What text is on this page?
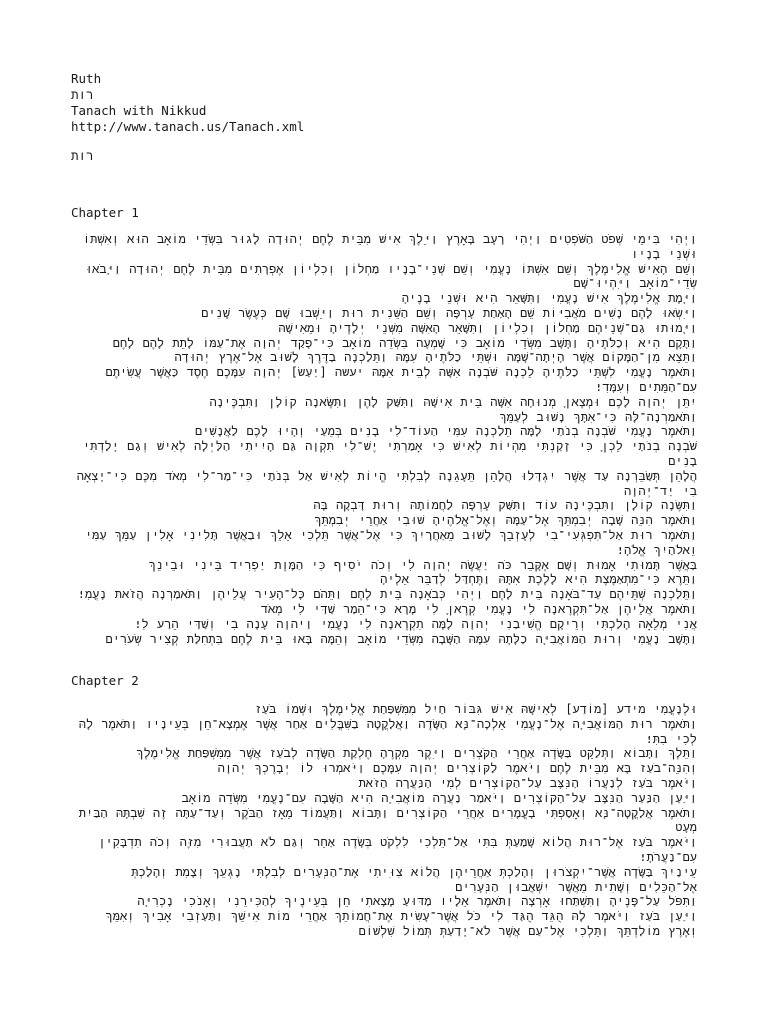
Ruth
רות
Tanach with Nikkud
http://www.tanach.us/Tanach.xml
רות
Chapter 1
וַיְהִי בִּימֵי שְׁפֹט הַשֹּׁפְטִים וַיְהִי רָעָב בָּאָרֶץ וַיֵּלֶךְ אִישׁ מִבֵּית לֶחֶם יְהוּדָה לָגוּר בִּשְׂדֵי מוֹאָב הוּא וְאִשְׁתּוֹ וּשְׁנֵי בָנָיו
וְשֵׁם הָאִישׁ אֱלִימֶלֶךְ וְשֵׁם אִשְׁתּוֹ נָעֳמִי וְשֵׁם שְׁנֵי־בָנָיו מַחְלוֹן וְכִלְיוֹן אֶפְרָתִים מִבֵּית לֶחֶם יְהוּדָה וַיָּבֹאוּ שְׂדֵי־מוֹאָב וַיִּהְיוּ־שָׁם
וַיָּמָת אֱלִימֶלֶךְ אִישׁ נָעֳמִי וַתִּשָּׁאֵר הִיא וּשְׁנֵי בָנֶיהָ
וַיִּשְׂאוּ לָהֶם נָשִׁים מֹאֲבִיּוֹת שֵׁם הָאַחַת עָרְפָּה וְשֵׁם הַשֵּׁנִית רוּת וַיֵּשְׁבוּ שָׁם כְּעֶשֶׂר שָׁנִים
וַיָּמוּתוּ גַם־שְׁנֵיהֶם מַחְלוֹן וְכִלְיוֹן וַתִּשָּׁאֵר הָאִשָּׁה מִשְּׁנֵי יְלָדֶיהָ וּמֵאִישָׁהּ
וַתָּקָם הִיא וְכַלֹּתֶיהָ וַתָּשָׁב מִשְּׂדֵי מוֹאָב כִּי שָׁמְעָה בִּשְׂדֵה מוֹאָב כִּי־פָקַד יְהוָה אֶת־עַמּוֹ לָתֵת לָהֶם לָחֶם
וַתֵּצֵא מִן־הַמָּקוֹם אֲשֶׁר הָיְתָה־שָׁמָּה וּשְׁתֵּי כַלֹּתֶיהָ עִמָּהּ וַתֵּלַכְנָה בַדֶּרֶךְ לָשׁוּב אֶל־אֶרֶץ יְהוּדָה
וַתֹּאמֶר נָעֳמִי לִשְׁתֵּי כַלֹּתֶיהָ לֵכְנָה שֹּׁבְנָה אִשָּׁה לְבֵית אִמָּהּ יעשה [יַעַשׂ] יְהוָה עִמָּכֶם חֶסֶד כַּאֲשֶׁר עֲשִׂיתֶם עִם־הַמֵּתִים וְעִמָּדִי׃
יִתֵּן יְהוָה לָכֶם וּמְצֶאןָ מְנוּחָה אִשָּׁה בֵּית אִישָׁהּ וַתִּשַּׁק לָהֶן וַתִּשֶּׂאנָה קוֹלָן וַתִּבְכֶּינָה
וַתֹּאמַרְנָה־לָּהּ כִּי־אִתָּךְ נָשׁוּב לְעַמֵּךְ
וַתֹּאמֶר נָעֳמִי שֹׁבְנָה בְנֹתַי לָמָּה תֵלַכְנָה עִמִּי הַעוֹד־לִי בָנִים בְּמֵעַי וְהָיוּ לָכֶם לַאֲנָשִׁים
שֹׁבְנָה בְנֹתַי לֵכְןָ כִּי זָקַנְתִּי מִהְיוֹת לְאִישׁ כִּי אָמַרְתִּי יֶשׁ־לִי תִקְוָה גַּם הָיִיתִי הַלַּיְלָה לְאִישׁ וְגַם יָלַדְתִּי בָנִים
הֲלָהֵן תְּשַׂבֵּרְנָה עַד אֲשֶׁר יִגְדָּלוּ הֲלָהֵן תֵּעָגֵנָה לְבִלְתִּי הֱיוֹת לְאִישׁ אַל בְּנֹתַי כִּי־מַר־לִי מְאֹד מִכֶּם כִּי־יָצְאָה בִי יַד־יְהוָה
וַתִּשֶּׂנָה קוֹלָן וַתִּבְכֶּינָה עוֹד וַתִּשַּׁק עָרְפָּה לַחֲמוֹתָהּ וְרוּת דָּבְקָה בָּהּ
וַתֹּאמֶר הִנֵּה שָׁבָה יְבִמְתֵּךְ אֶל־עַמָּהּ וְאֶל־אֱלֹהֶיהָ שׁוּבִי אַחֲרֵי יְבִמְתֵּךְ
וַתֹּאמֶר רוּת אַל־תִּפְגְּעִי־בִי לְעָזְבֵךְ לָשׁוּב מֵאַחֲרָיִךְ כִּי אֶל־אֲשֶׁר תֵּלְכִי אֵלֵךְ וּבַאֲשֶׁר תָּלִינִי אָלִין עַמֵּךְ עַמִּי וֵאלֹהַיִךְ אֱלֹהָי׃
בַּאֲשֶׁר תָּמוּתִי אָמוּת וְשָׁם אֶקָּבֵר כֹּה יַעֲשֶׂה יְהוָה לִי וְכֹה יֹסִיף כִּי הַמָּוֶת יַפְרִיד בֵּינִי וּבֵינֵךְ
וַתֵּרֶא כִּי־מִתְאַמֶּצֶת הִיא לָלֶכֶת אִתָּהּ וַתֶּחְדַּל לְדַבֵּר אֵלֶיהָ
וַתֵּלַכְנָה שְׁתֵּיהֶם עַד־בֹּאָנָה בֵּית לָחֶם וַיְהִי כְּבֹאָנָה בֵּית לֶחֶם וַתֵּהֹם כָּל־הָעִיר עֲלֵיהֶן וַתֹּאמַרְנָה הֲזֹאת נָעֳמִי׃
וַתֹּאמֶר אֲלֵיהֶן אַל־תִּקְרֶאנָה לִי נָעֳמִי קְרֶאןָ לִי מָרָא כִּי־הֵמַר שַׁדַּי לִי מְאֹד
אֲנִי מְלֵאָה הָלַכְתִּי וְרֵיקָם הֱשִׁיבַנִי יְהוָה לָמָּה תִקְרֶאנָה לִי נָעֳמִי וַיהוָה עָנָה בִי וְשַׁדַּי הֵרַע לִי׃
וַתָּשָׁב נָעֳמִי וְרוּת הַמּוֹאֲבִיָּה כַלָּתָהּ עִמָּהּ הַשָּׁבָה מִשְּׂדֵי מוֹאָב וְהֵמָּה בָּאוּ בֵּית לֶחֶם בִּתְחִלַּת קְצִיר שְׂעֹרִים
Chapter 2
וּלְנָעֳמִי מידע [מוֹדַע] לְאִישָׁהּ אִישׁ גִּבּוֹר חַיִל מִמִּשְׁפַּחַת אֱלִימֶלֶךְ וּשְׁמוֹ בֹּעַז
וַתֹּאמֶר רוּת הַמּוֹאֲבִיָּה אֶל־נָעֳמִי אֵלְכָה־נָּא הַשָּׂדֶה וַאֲלַקֳטָה בַשִּׁבֳּלִים אַחַר אֲשֶׁר אֶמְצָא־חֵן בְּעֵינָיו וַתֹּאמֶר לָהּ לְכִי בִתִּי׃
וַתֵּלֶךְ וַתָּבוֹא וַתְּלַקֵּט בַּשָּׂדֶה אַחֲרֵי הַקֹּצְרִים וַיִּקֶר מִקְרֶהָ חֶלְקַת הַשָּׂדֶה לְבֹעַז אֲשֶׁר מִמִּשְׁפַּחַת אֱלִימֶלֶךְ
וְהִנֵּה־בֹעַז בָּא מִבֵּית לֶחֶם וַיֹּאמֶר לַקּוֹצְרִים יְהוָה עִמָּכֶם וַיֹּאמְרוּ לוֹ יְבָרֶכְךָ יְהוָה
וַיֹּאמֶר בֹּעַז לְנַעֲרוֹ הַנִּצָּב עַל־הַקּוֹצְרִים לְמִי הַנַּעֲרָה הַזֹּאת
וַיַּעַן הַנַּעַר הַנִּצָּב עַל־הַקּוֹצְרִים וַיֹּאמַר נַעֲרָה מוֹאֲבִיָּה הִיא הַשָּׁבָה עִם־נָעֳמִי מִשְּׂדֵה מוֹאָב
וַתֹּאמֶר אֲלַקֳטָה־נָּא וְאָסַפְתִּי בָעֳמָרִים אַחֲרֵי הַקּוֹצְרִים וַתָּבוֹא וַתַּעֲמוֹד מֵאָז הַבֹּקֶר וְעַד־עַתָּה זֶה שִׁבְתָּהּ הַבַּיִת מְעָט
וַיֹּאמֶר בֹּעַז אֶל־רוּת הֲלוֹא שָׁמַעַתְּ בִּתִּי אַל־תֵּלְכִי לִלְקֹט בְּשָׂדֶה אַחֵר וְגַם לֹא תַעֲבוּרִי מִזֶּה וְכֹה תִדְבָּקִין עִם־נַעֲרֹתָי׃
עֵינַיִךְ בַּשָּׂדֶה אֲשֶׁר־יִקְצֹרוּן וְהָלַכְתְּ אַחֲרֵיהֶן הֲלוֹא צִוִּיתִי אֶת־הַנְּעָרִים לְבִלְתִּי נָגְעֵךְ וְצָמִת וְהָלַכְתְּ אֶל־הַכֵּלִים וְשָׁתִית מֵאֲשֶׁר יִשְׁאֲבוּן הַנְּעָרִים
וַתִּפֹּל עַל־פָּנֶיהָ וַתִּשְׁתַּחוּ אָרְצָה וַתֹּאמֶר אֵלָיו מַדּוּעַ מָצָאתִי חֵן בְּעֵינֶיךָ לְהַכִּירֵנִי וְאָנֹכִי נָכְרִיָּה
וַיַּעַן בֹּעַז וַיֹּאמֶר לָהּ הֻגֵּד הֻגַּד לִי כֹּל אֲשֶׁר־עָשִׂית אֶת־חֲמוֹתֵךְ אַחֲרֵי מוֹת אִישֵׁךְ וַתַּעַזְבִי אָבִיךְ וְאִמֵּךְ וְאֶרֶץ מוֹלַדְתֵּךְ וַתֵּלְכִי אֶל־עַם אֲשֶׁר לֹא־יָדַעַתְּ תְּמוֹל שִׁלְשׁוֹם
